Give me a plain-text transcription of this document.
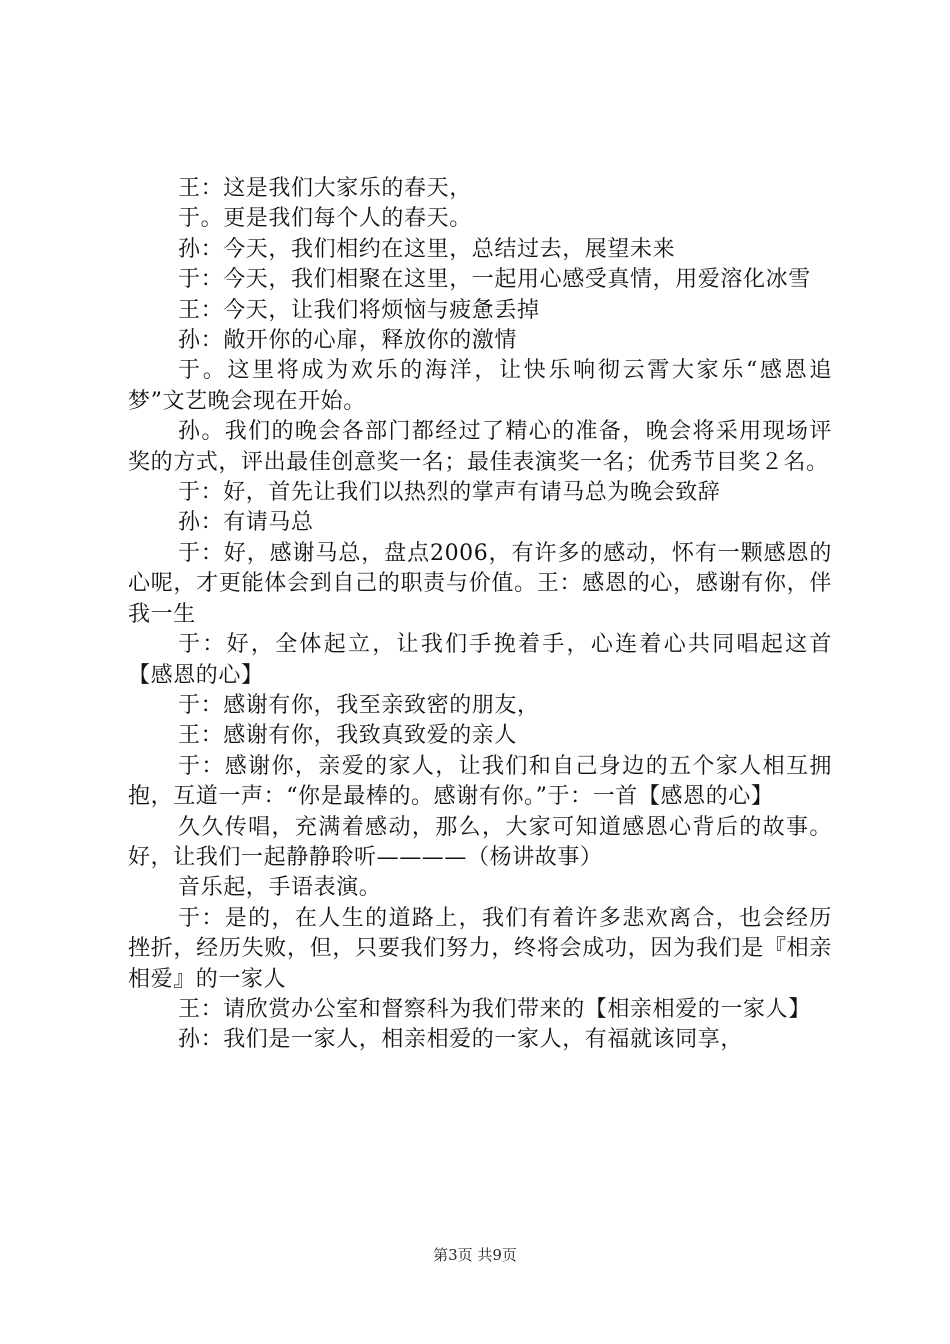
王：这是我们大家乐的春天，

于。更是我们每个人的春天。

孙：今天，我们相约在这里，总结过去，展望未来

于：今天，我们相聚在这里，一起用心感受真情，用爱溶化冰雪

王：今天，让我们将烦恼与疲惫丢掉

孙：敞开你的心扉，释放你的激情

于。这里将成为欢乐的海洋，让快乐响彻云霄大家乐“感恩追梦”文艺晚会现在开始。

孙。我们的晚会各部门都经过了精心的准备，晚会将采用现场评奖的方式，评出最佳创意奖一名；最佳表演奖一名；优秀节目奖２名。

于：好，首先让我们以热烈的掌声有请马总为晚会致辞

孙：有请马总

于：好，感谢马总，盘点2006，有许多的感动，怀有一颗感恩的心呢，才更能体会到自己的职责与价值。王：感恩的心，感谢有你，伴我一生

于：好，全体起立，让我们手挽着手，心连着心共同唱起这首【感恩的心】

于：感谢有你，我至亲致密的朋友，

王：感谢有你，我致真致爱的亲人

于：感谢你，亲爱的家人，让我们和自己身边的五个家人相互拥抱，互道一声：“你是最棒的。感谢有你。”于：一首【感恩的心】

久久传唱，充满着感动，那么，大家可知道感恩心背后的故事。好，让我们一起静静聆听————（杨讲故事）

音乐起，手语表演。

于：是的，在人生的道路上，我们有着许多悲欢离合，也会经历挫折，经历失败，但，只要我们努力，终将会成功，因为我们是『相亲相爱』的一家人

王：请欣赏办公室和督察科为我们带来的【相亲相爱的一家人】

孙：我们是一家人，相亲相爱的一家人，有福就该同享，

第3页 共9页
